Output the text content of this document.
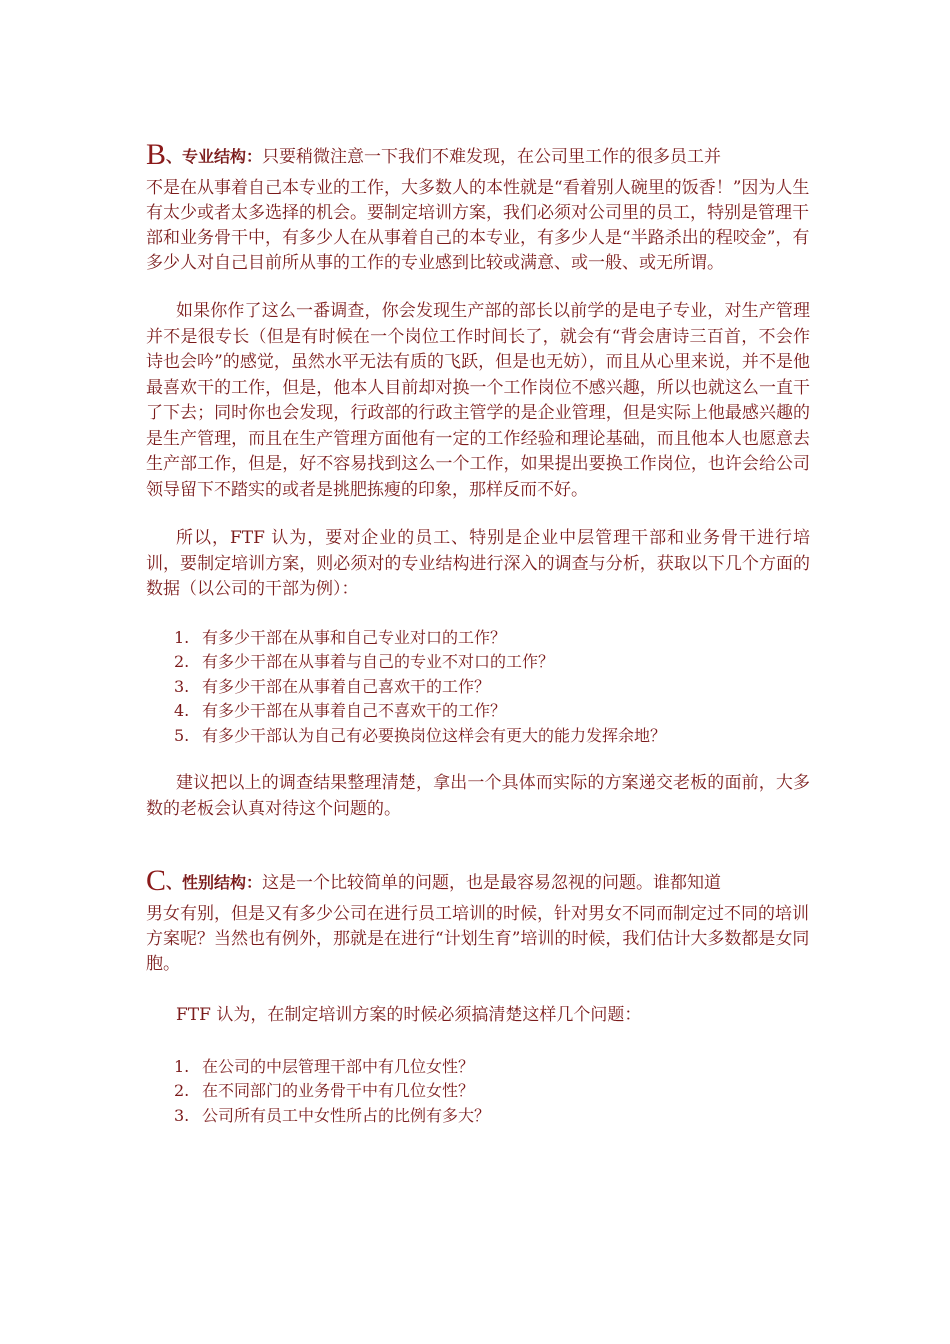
B、专业结构：只要稍微注意一下我们不难发现，在公司里工作的很多员工并
不是在从事着自己本专业的工作，大多数人的本性就是“看着别人碗里的饭香！”因为人生有太少或者太多选择的机会。要制定培训方案，我们必须对公司里的员工，特别是管理干部和业务骨干中，有多少人在从事着自己的本专业，有多少人是“半路杀出的程咬金”，有多少人对自己目前所从事的工作的专业感到比较或满意、或一般、或无所谓。

如果你作了这么一番调查，你会发现生产部的部长以前学的是电子专业，对生产管理并不是很专长（但是有时候在一个岗位工作时间长了，就会有“背会唐诗三百首，不会作诗也会吟”的感觉，虽然水平无法有质的飞跃，但是也无妨），而且从心里来说，并不是他最喜欢干的工作，但是，他本人目前却对换一个工作岗位不感兴趣，所以也就这么一直干了下去；同时你也会发现，行政部的行政主管学的是企业管理，但是实际上他最感兴趣的是生产管理，而且在生产管理方面他有一定的工作经验和理论基础，而且他本人也愿意去生产部工作，但是，好不容易找到这么一个工作，如果提出要换工作岗位，也许会给公司领导留下不踏实的或者是挑肥拣瘦的印象，那样反而不好。

所以，FTF 认为，要对企业的员工、特别是企业中层管理干部和业务骨干进行培训，要制定培训方案，则必须对的专业结构进行深入的调查与分析，获取以下几个方面的数据（以公司的干部为例）：

1. 有多少干部在从事和自己专业对口的工作？
2. 有多少干部在从事着与自己的专业不对口的工作？
3. 有多少干部在从事着自己喜欢干的工作？
4. 有多少干部在从事着自己不喜欢干的工作？
5. 有多少干部认为自己有必要换岗位这样会有更大的能力发挥余地？

建议把以上的调查结果整理清楚，拿出一个具体而实际的方案递交老板的面前，大多数的老板会认真对待这个问题的。

C、性别结构：这是一个比较简单的问题，也是最容易忽视的问题。谁都知道
男女有别，但是又有多少公司在进行员工培训的时候，针对男女不同而制定过不同的培训方案呢？当然也有例外，那就是在进行“计划生育”培训的时候，我们估计大多数都是女同胞。

FTF 认为，在制定培训方案的时候必须搞清楚这样几个问题：

1. 在公司的中层管理干部中有几位女性？
2. 在不同部门的业务骨干中有几位女性？
3. 公司所有员工中女性所占的比例有多大？
